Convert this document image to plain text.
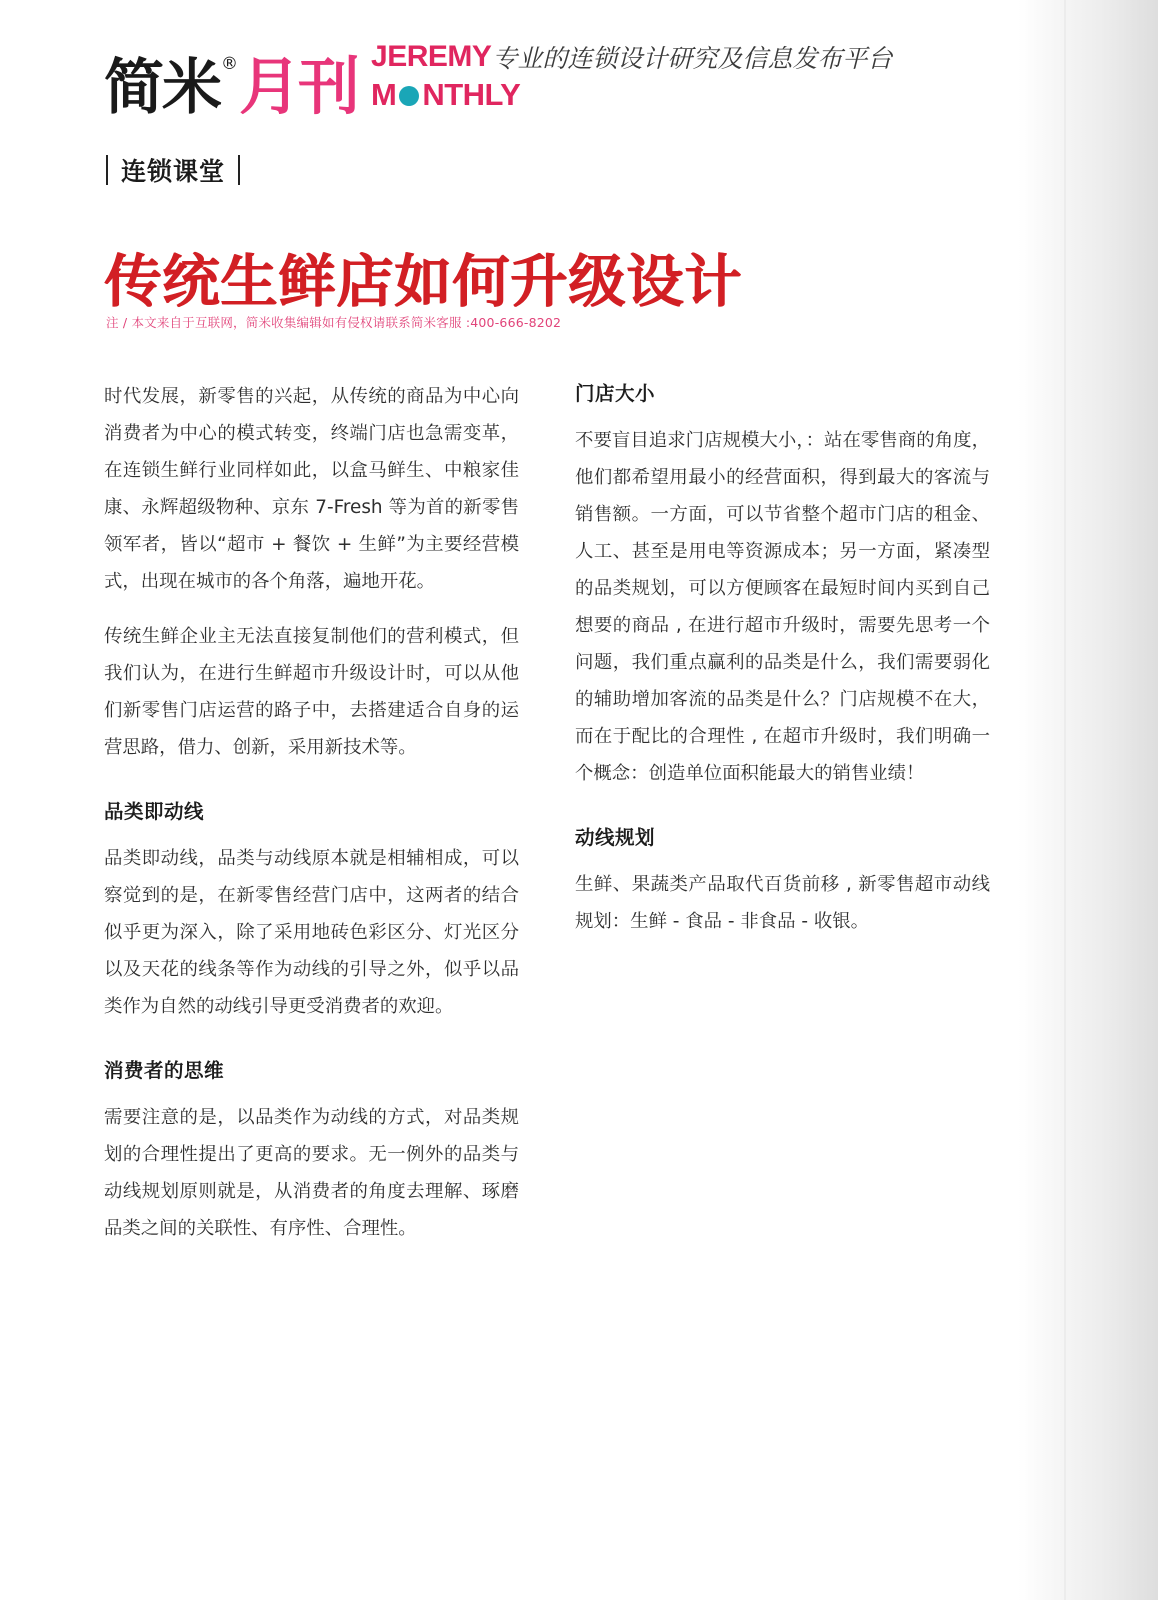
简米 ® 月刊 JEREMY 专业的连锁设计研究及信息发布平台
M NTHLY
连锁课堂
传统生鲜店如何升级设计
注 / 本文来自于互联网，简米收集编辑如有侵权请联系简米客服 :400-666-8202

时代发展，新零售的兴起，从传统的商品为中心向消费者为中心的模式转变，终端门店也急需变革，在连锁生鲜行业同样如此，以盒马鲜生、中粮家佳康、永辉超级物种、京东 7-Fresh 等为首的新零售领军者，皆以“超市 + 餐饮 + 生鲜”为主要经营模式，出现在城市的各个角落，遍地开花。

传统生鲜企业主无法直接复制他们的营利模式，但我们认为，在进行生鲜超市升级设计时，可以从他们新零售门店运营的路子中，去搭建适合自身的运营思路，借力、创新，采用新技术等。

品类即动线

品类即动线，品类与动线原本就是相辅相成，可以察觉到的是，在新零售经营门店中，这两者的结合似乎更为深入，除了采用地砖色彩区分、灯光区分以及天花的线条等作为动线的引导之外，似乎以品类作为自然的动线引导更受消费者的欢迎。

消费者的思维

需要注意的是，以品类作为动线的方式，对品类规划的合理性提出了更高的要求。无一例外的品类与动线规划原则就是，从消费者的角度去理解、琢磨品类之间的关联性、有序性、合理性。

门店大小

不要盲目追求门店规模大小，：站在零售商的角度，他们都希望用最小的经营面积，得到最大的客流与销售额。一方面，可以节省整个超市门店的租金、人工、甚至是用电等资源成本；另一方面，紧凑型的品类规划，可以方便顾客在最短时间内买到自己想要的商品 , 在进行超市升级时，需要先思考一个问题，我们重点赢利的品类是什么，我们需要弱化的辅助增加客流的品类是什么？门店规模不在大，而在于配比的合理性 , 在超市升级时，我们明确一个概念：创造单位面积能最大的销售业绩！

动线规划

生鲜、果蔬类产品取代百货前移 , 新零售超市动线规划：生鲜 - 食品 - 非食品 - 收银。
